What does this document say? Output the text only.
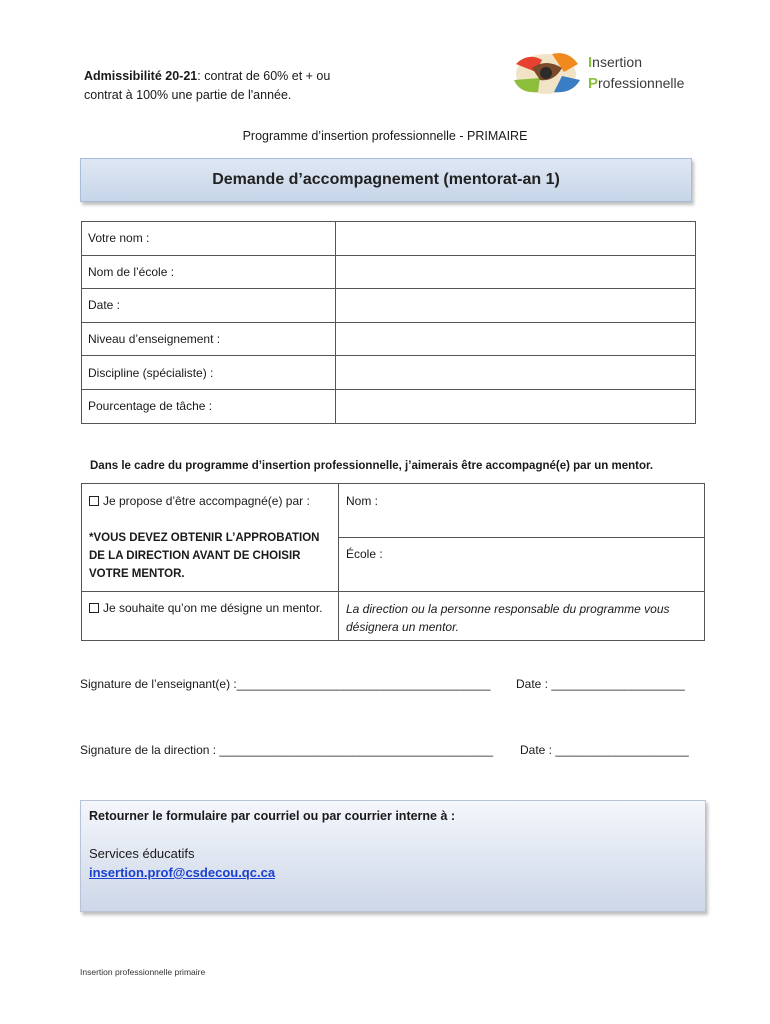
Admissibilité 20-21: contrat de 60% et + ou
contrat à 100% une partie de l'année.
Insertion
Professionnelle
Programme d’insertion professionnelle - PRIMAIRE
Demande d’accompagnement (mentorat-an 1)
Votre nom :	
Nom de l’école :	
Date :	
Niveau d’enseignement :	
Discipline (spécialiste) :	
Pourcentage de tâche :	
Dans le cadre du programme d’insertion professionnelle, j’aimerais être accompagné(e) par un mentor.
Je propose d’être accompagné(e) par :
*VOUS DEVEZ OBTENIR L’APPROBATION DE LA DIRECTION AVANT DE CHOISIR VOTRE MENTOR.
Nom :
École :
Je souhaite qu’on me désigne un mentor. La direction ou la personne responsable du programme vous désignera un mentor.
Signature de l’enseignant(e) :______________________________________ Date : ____________________
Signature de la direction : _________________________________________ Date : ____________________
Retourner le formulaire par courriel ou par courrier interne à :
Services éducatifs
insertion.prof@csdecou.qc.ca
Insertion professionnelle primaire
